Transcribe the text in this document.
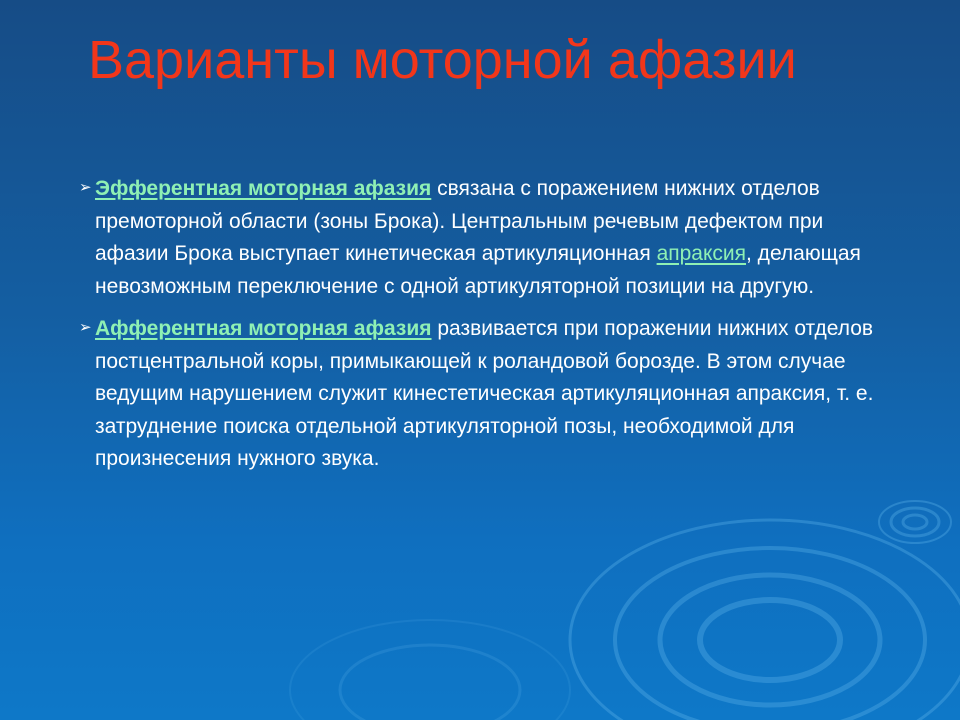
Варианты моторной афазии
➢ Эфферентная моторная афазия связана с поражением нижних отделов премоторной области (зоны Брока). Центральным речевым дефектом при афазии Брока выступает кинетическая артикуляционная апраксия, делающая невозможным переключение с одной артикуляторной позиции на другую.
➢ Афферентная моторная афазия развивается при поражении нижних отделов постцентральной коры, примыкающей к роландовой борозде. В этом случае ведущим нарушением служит кинестетическая артикуляционная апраксия, т. е. затруднение поиска отдельной артикуляторной позы, необходимой для произнесения нужного звука.
